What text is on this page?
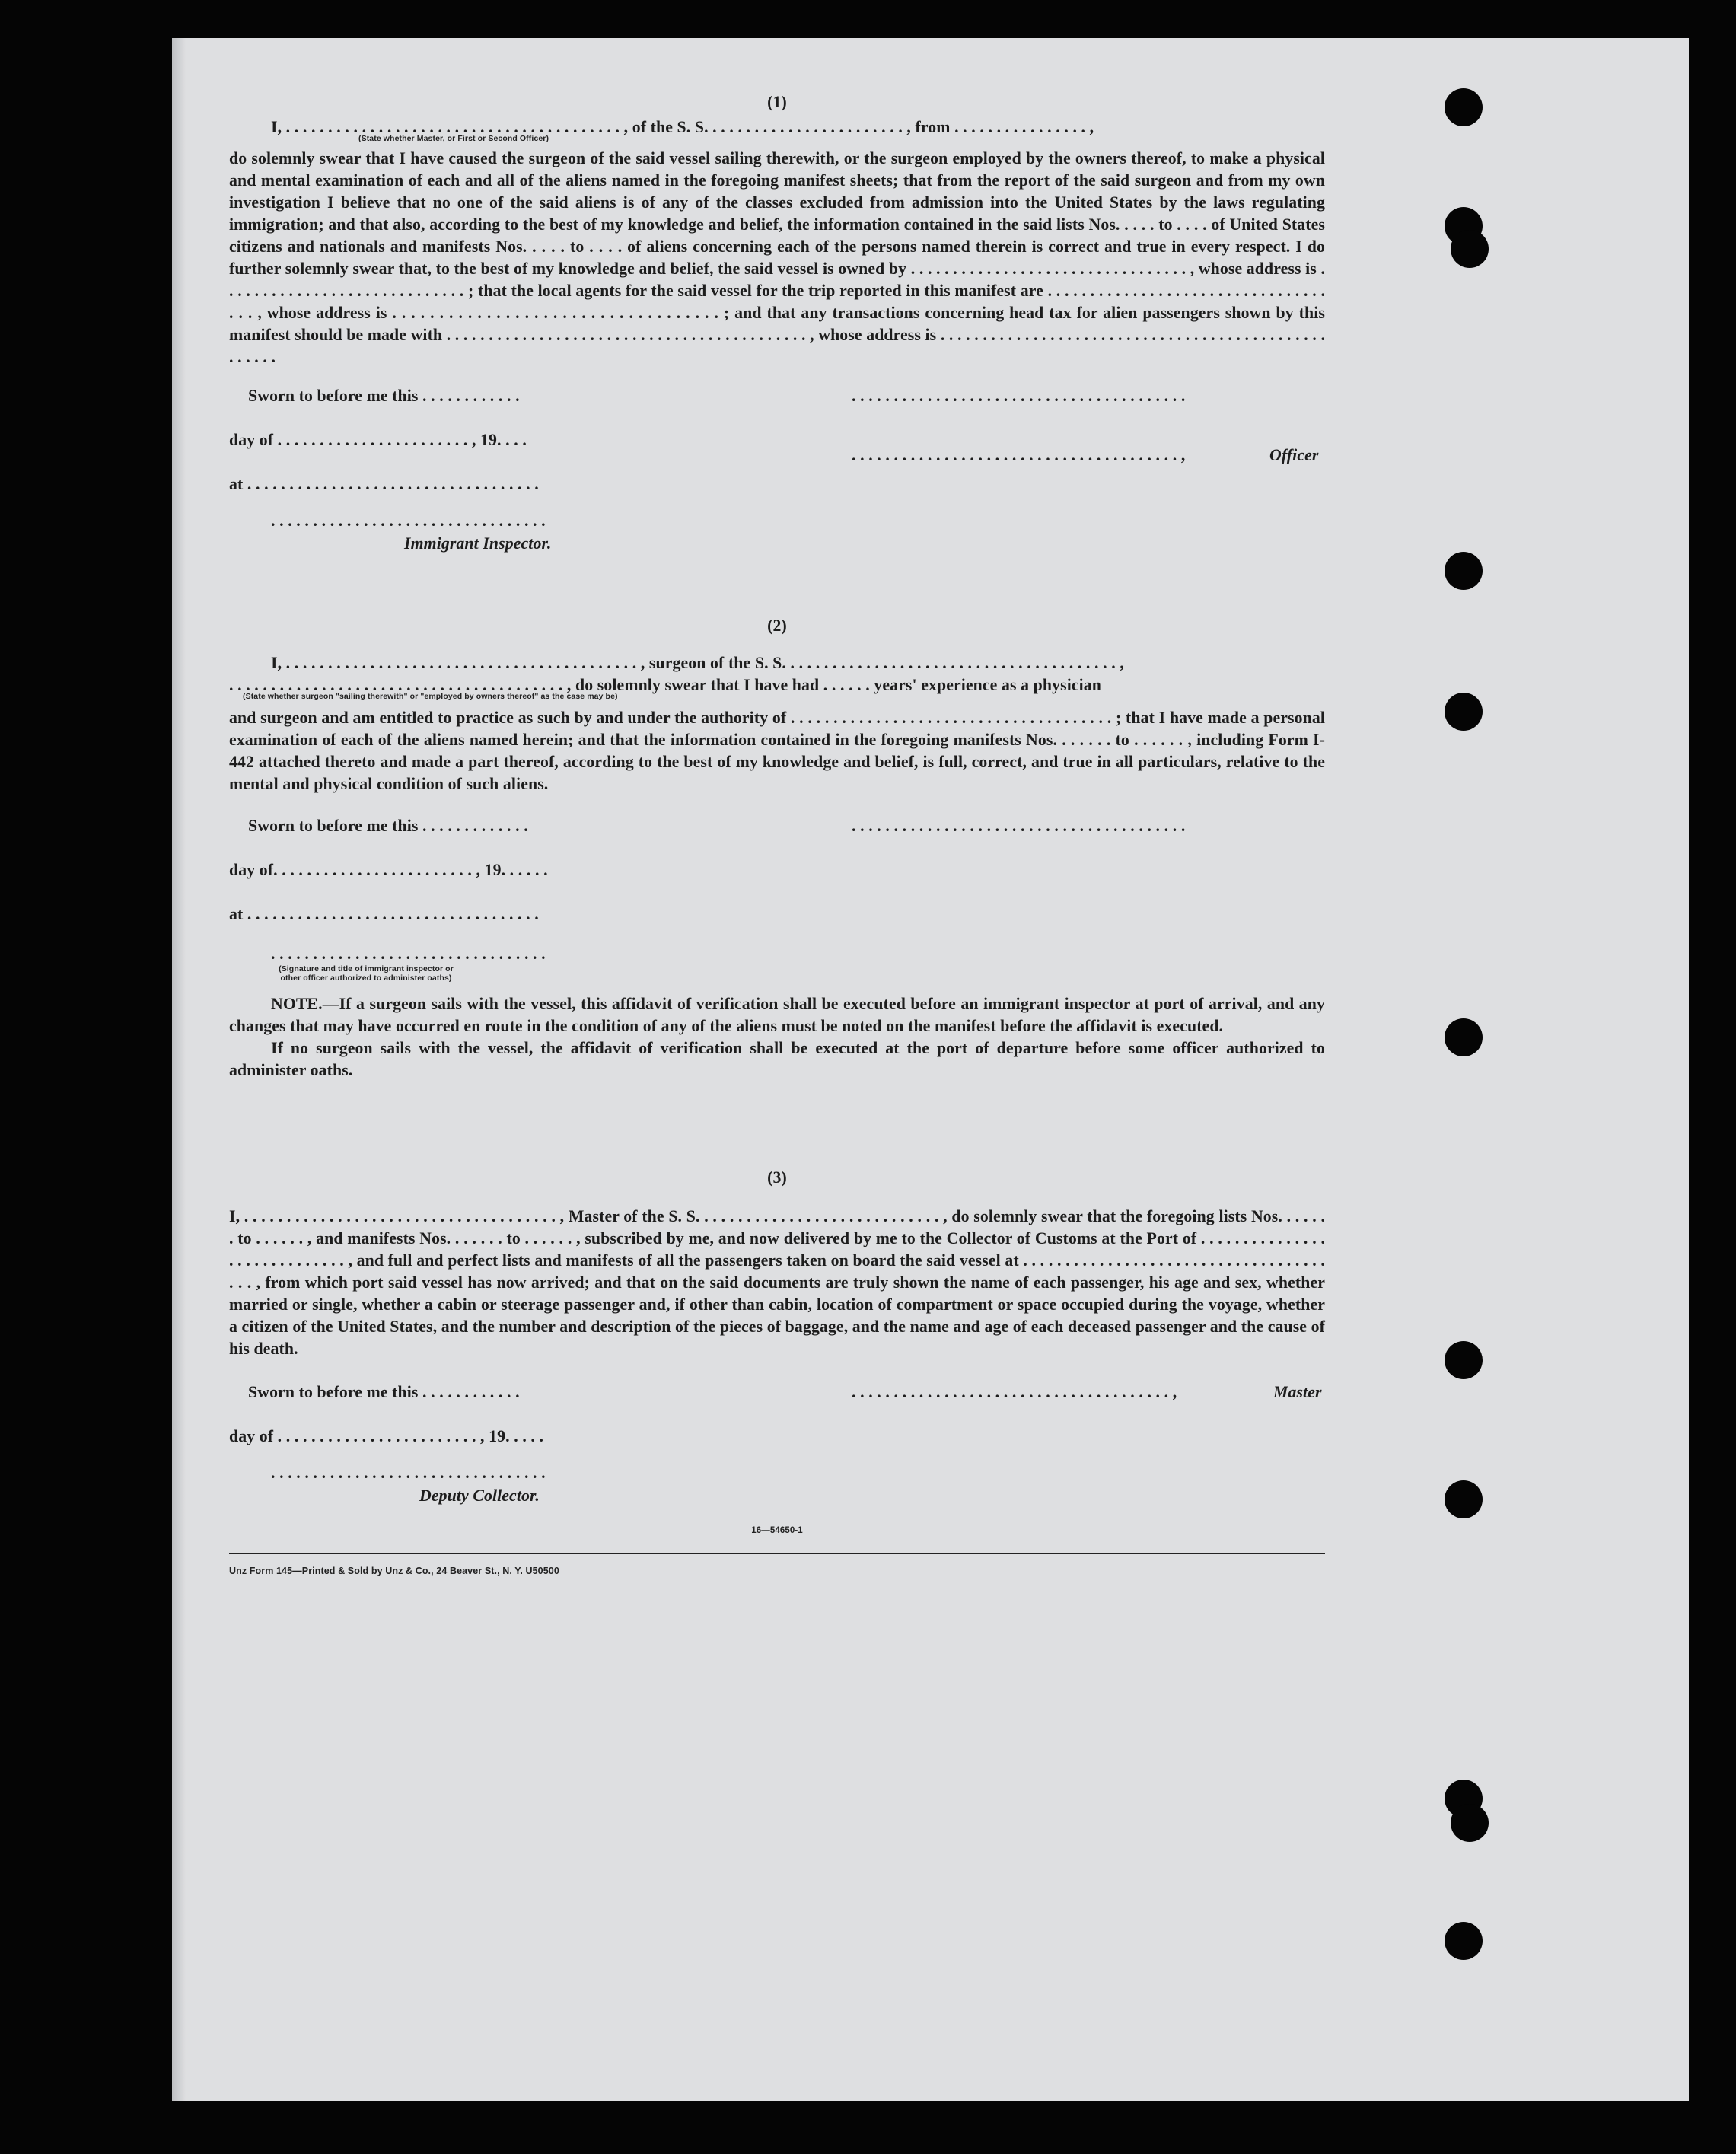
(1)
I, . . . . . . . . . . . . . . . . . . . . . . . . . . . . . . . . . . . . . . . . , of the S. S. . . . . . . . . . . . . . . . . . . . . . . . , from . . . . . . . . . . . . . . . . ,
(State whether Master, or First or Second Officer)

do solemnly swear that I have caused the surgeon of the said vessel sailing therewith, or the surgeon employed by the owners thereof, to make a physical and mental examination of each and all of the aliens named in the foregoing manifest sheets; that from the report of the said surgeon and from my own investigation I believe that no one of the said aliens is of any of the classes excluded from admission into the United States by the laws regulating immigration; and that also, according to the best of my knowledge and belief, the information contained in the said lists Nos. . . . . to . . . . of United States citizens and nationals and manifests Nos. . . . . to . . . . of aliens concerning each of the persons named therein is correct and true in every respect. I do further solemnly swear that, to the best of my knowledge and belief, the said vessel is owned by . . . . . . . . . . . . . . . . . . . . . . . . . . . . . . . . . , whose address is . . . . . . . . . . . . . . . . . . . . . . . . . . . . . ; that the local agents for the said vessel for the trip reported in this manifest are . . . . . . . . . . . . . . . . . . . . . . . . . . . . . . . . . . . . , whose address is . . . . . . . . . . . . . . . . . . . . . . . . . . . . . . . . . . . ; and that any transactions concerning head tax for alien passengers shown by this manifest should be made with . . . . . . . . . . . . . . . . . . . . . . . . . . . . . . . . . . . . . . . . . . . , whose address is . . . . . . . . . . . . . . . . . . . . . . . . . . . . . . . . . . . . . . . . . . . . . . . . . . . .

Sworn to before me this . . . . . . . . . . . .

	. . . . . . . . . . . . . . . . . . . . . . . . . . . . . . . . . . . . . . . .

day of . . . . . . . . . . . . . . . . . . . . . . . , 19. . . .

. . . . . . . . . . . . . . . . . . . . . . . . . . . . . . . . . . . . . . . ,

	Officer

at . . . . . . . . . . . . . . . . . . . . . . . . . . . . . . . . . . .

. . . . . . . . . . . . . . . . . . . . . . . . . . . . . . . . .

Immigrant Inspector.

(2)
I, . . . . . . . . . . . . . . . . . . . . . . . . . . . . . . . . . . . . . . . . . . , surgeon of the S. S. . . . . . . . . . . . . . . . . . . . . . . . . . . . . . . . . . . . . . . . ,
. . . . . . . . . . . . . . . . . . . . . . . . . . . . . . . . . . . . . . . . , do solemnly swear that I have had . . . . . . years' experience as a physician
(State whether surgeon "sailing therewith" or "employed by owners thereof" as the case may be)

and surgeon and am entitled to practice as such by and under the authority of . . . . . . . . . . . . . . . . . . . . . . . . . . . . . . . . . . . . . . ; that I have made a personal examination of each of the aliens named herein; and that the information contained in the foregoing manifests Nos. . . . . . . to . . . . . . , including Form I-442 attached thereto and made a part thereof, according to the best of my knowledge and belief, is full, correct, and true in all particulars, relative to the mental and physical condition of such aliens.

Sworn to before me this . . . . . . . . . . . . .

	. . . . . . . . . . . . . . . . . . . . . . . . . . . . . . . . . . . . . . . .

day of. . . . . . . . . . . . . . . . . . . . . . . . , 19. . . . . .

at . . . . . . . . . . . . . . . . . . . . . . . . . . . . . . . . . . .

. . . . . . . . . . . . . . . . . . . . . . . . . . . . . . . . .

(Signature and title of immigrant inspector or other officer authorized to administer oaths)

NOTE.—If a surgeon sails with the vessel, this affidavit of verification shall be executed before an immigrant inspector at port of arrival, and any changes that may have occurred en route in the condition of any of the aliens must be noted on the manifest before the affidavit is executed.

If no surgeon sails with the vessel, the affidavit of verification shall be executed at the port of departure before some officer authorized to administer oaths.

(3)

I, . . . . . . . . . . . . . . . . . . . . . . . . . . . . . . . . . . . . . , Master of the S. S. . . . . . . . . . . . . . . . . . . . . . . . . . . . . , do solemnly swear that the foregoing lists Nos. . . . . . . to . . . . . . , and manifests Nos. . . . . . . to . . . . . . , subscribed by me, and now delivered by me to the Collector of Customs at the Port of . . . . . . . . . . . . . . . . . . . . . . . . . . . . . , and full and perfect lists and manifests of all the passengers taken on board the said vessel at . . . . . . . . . . . . . . . . . . . . . . . . . . . . . . . . . . . . . . . , from which port said vessel has now arrived; and that on the said documents are truly shown the name of each passenger, his age and sex, whether married or single, whether a cabin or steerage passenger and, if other than cabin, location of compartment or space occupied during the voyage, whether a citizen of the United States, and the number and description of the pieces of baggage, and the name and age of each deceased passenger and the cause of his death.

Sworn to before me this . . . . . . . . . . . .

	. . . . . . . . . . . . . . . . . . . . . . . . . . . . . . . . . . . . . . ,

	Master

day of . . . . . . . . . . . . . . . . . . . . . . . . , 19. . . . .

. . . . . . . . . . . . . . . . . . . . . . . . . . . . . . . . .

Deputy Collector.

16—54650-1
Unz Form 145—Printed & Sold by Unz & Co., 24 Beaver St., N. Y. U50500
